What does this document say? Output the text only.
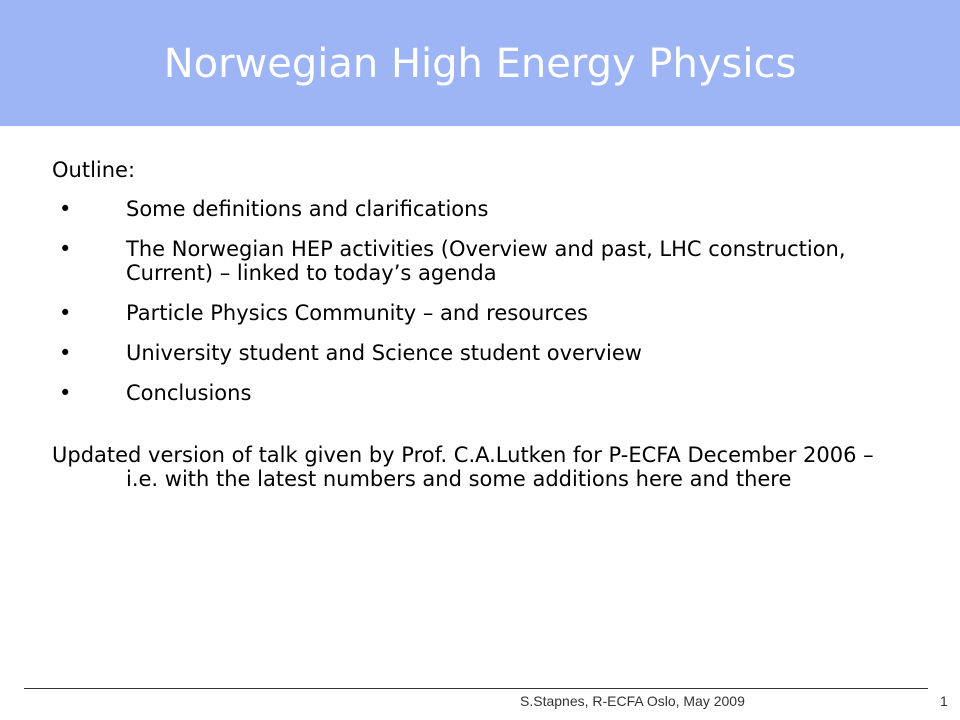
Norwegian High Energy Physics
Outline:
•	Some definitions and clarifications
•	The Norwegian HEP activities (Overview and past, LHC construction, Current) – linked to today’s agenda
•	Particle Physics Community – and resources
•	University student and Science student overview
•	Conclusions
Updated version of talk given by Prof. C.A.Lutken for P-ECFA December 2006 – i.e. with the latest numbers and some additions here and there
S.Stapnes, R-ECFA Oslo, May 2009	1
